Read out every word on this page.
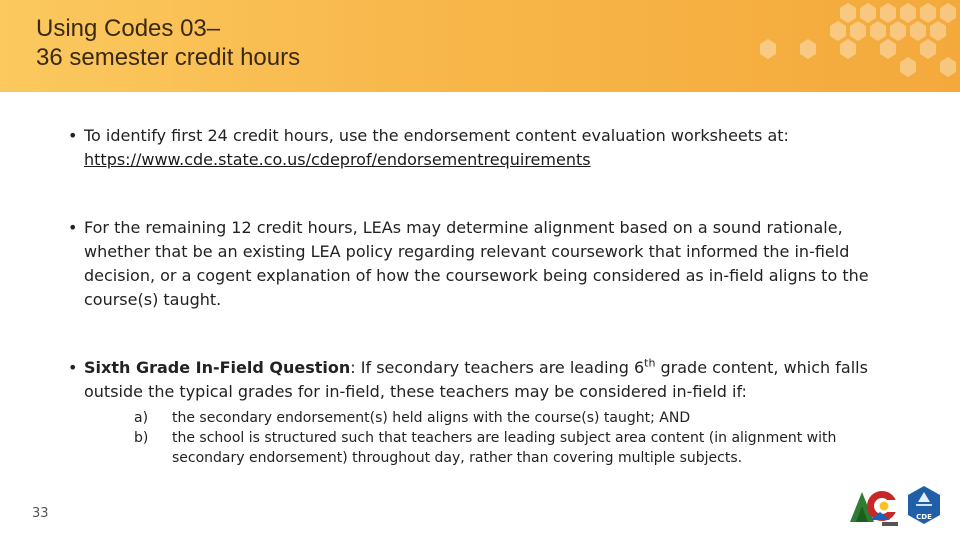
Using Codes 03–
36 semester credit hours

• To identify first 24 credit hours, use the endorsement content evaluation worksheets at:
https://www.cde.state.co.us/cdeprof/endorsementrequirements

• For the remaining 12 credit hours, LEAs may determine alignment based on a sound rationale, whether that be an existing LEA policy regarding relevant coursework that informed the in-field decision, or a cogent explanation of how the coursework being considered as in-field aligns to the course(s) taught.

• Sixth Grade In-Field Question: If secondary teachers are leading 6th grade content, which falls outside the typical grades for in-field, these teachers may be considered in-field if:
a) the secondary endorsement(s) held aligns with the course(s) taught; AND
b) the school is structured such that teachers are leading subject area content (in alignment with secondary endorsement) throughout day, rather than covering multiple subjects.
33	CDE
